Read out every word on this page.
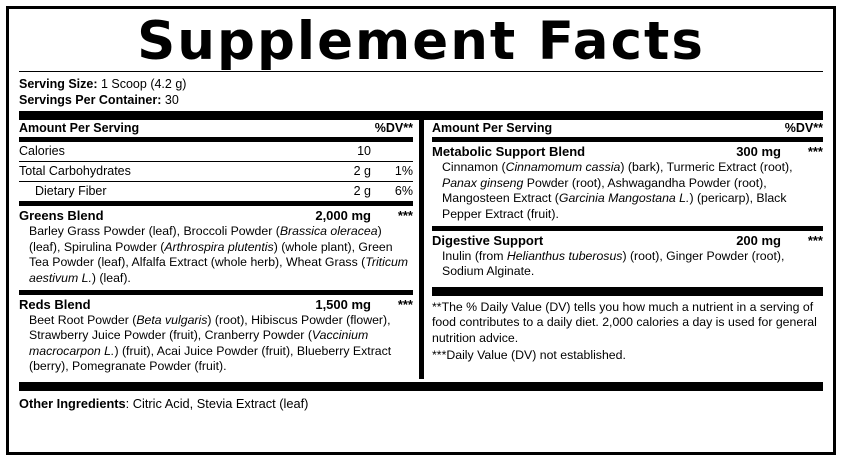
Supplement Facts
Serving Size: 1 Scoop (4.2 g)
Servings Per Container: 30
Amount Per Serving	%DV**
Calories	10
Total Carbohydrates	2 g	1%
Dietary Fiber	2 g	6%
Greens Blend	2,000 mg	***
Barley Grass Powder (leaf), Broccoli Powder (Brassica oleracea) (leaf), Spirulina Powder (Arthrospira plutentis) (whole plant), Green Tea Powder (leaf), Alfalfa Extract (whole herb), Wheat Grass (Triticum aestivum L.) (leaf).
Reds Blend	1,500 mg	***
Beet Root Powder (Beta vulgaris) (root), Hibiscus Powder (flower), Strawberry Juice Powder (fruit), Cranberry Powder (Vaccinium macrocarpon L.) (fruit), Acai Juice Powder (fruit), Blueberry Extract (berry), Pomegranate Powder (fruit).
Amount Per Serving	%DV**
Metabolic Support Blend	300 mg	***
Cinnamon (Cinnamomum cassia) (bark), Turmeric Extract (root), Panax ginseng Powder (root), Ashwagandha Powder (root), Mangosteen Extract (Garcinia Mangostana L.) (pericarp), Black Pepper Extract (fruit).
Digestive Support	200 mg	***
Inulin (from Helianthus tuberosus) (root), Ginger Powder (root), Sodium Alginate.
**The % Daily Value (DV) tells you how much a nutrient in a serving of food contributes to a daily diet. 2,000 calories a day is used for general nutrition advice.
***Daily Value (DV) not established.
Other Ingredients: Citric Acid, Stevia Extract (leaf)
